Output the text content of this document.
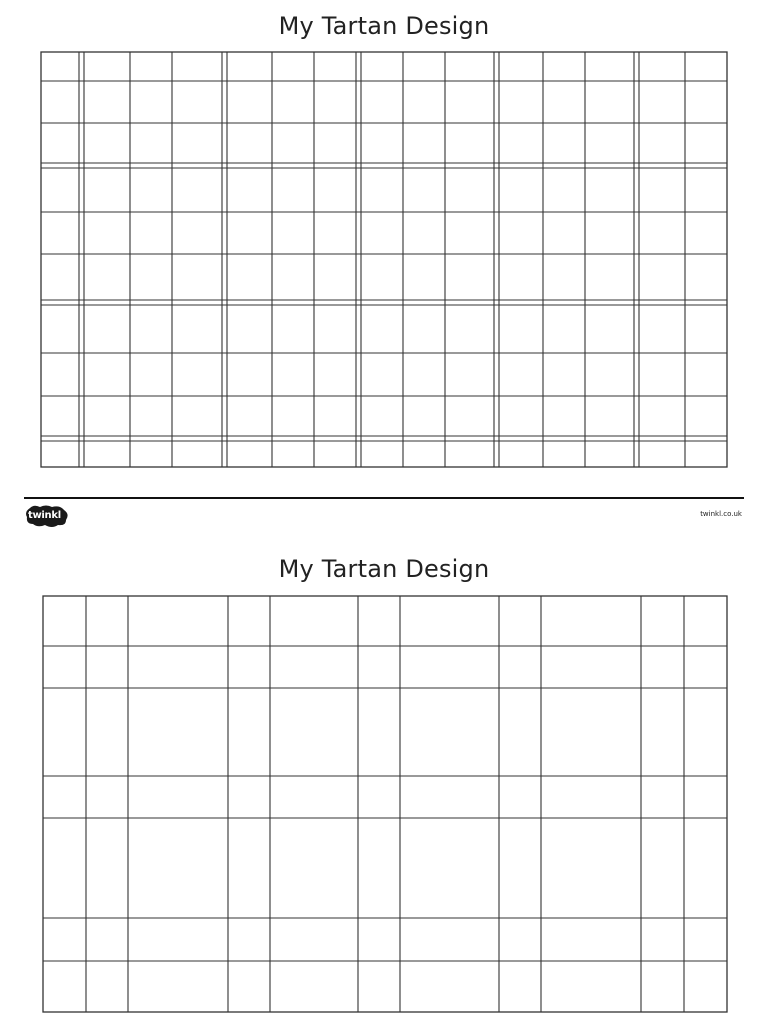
My Tartan Design
twinkl	twinkl.co.uk
My Tartan Design
